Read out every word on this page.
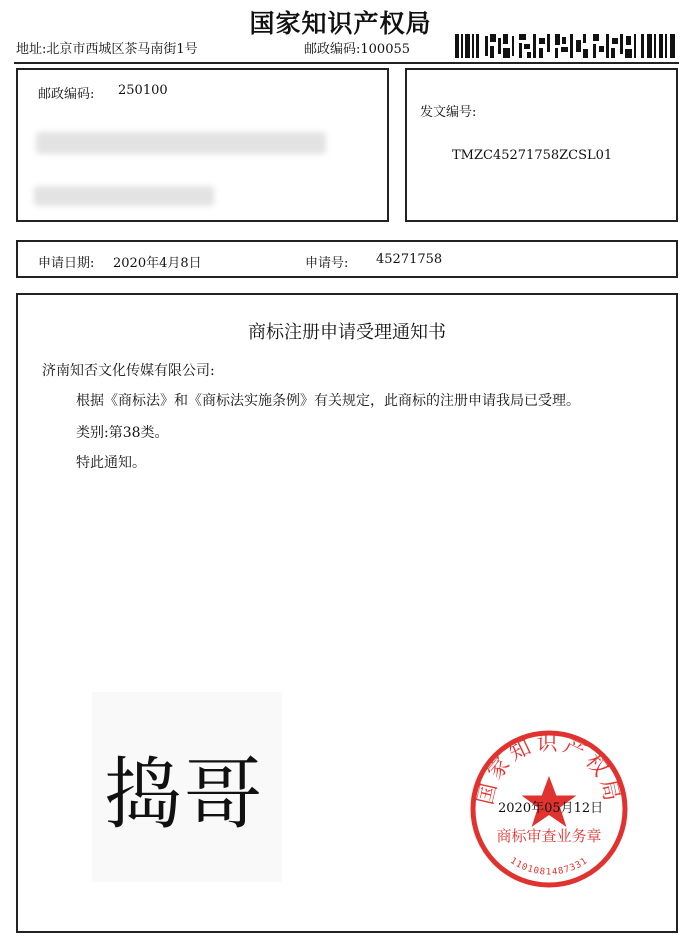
国家知识产权局
地址:北京市西城区茶马南街1号	邮政编码:100055
邮政编码: 250100
发文编号:
TMZC45271758ZCSL01
申请日期: 2020年4月8日	申请号: 45271758
商标注册申请受理通知书
济南知否文化传媒有限公司:
根据《商标法》和《商标法实施条例》有关规定，此商标的注册申请我局已受理。
类别:第38类。
特此通知。
捣哥	国家知识产权局
商标审查业务章
1101081487331
2020年05月12日
